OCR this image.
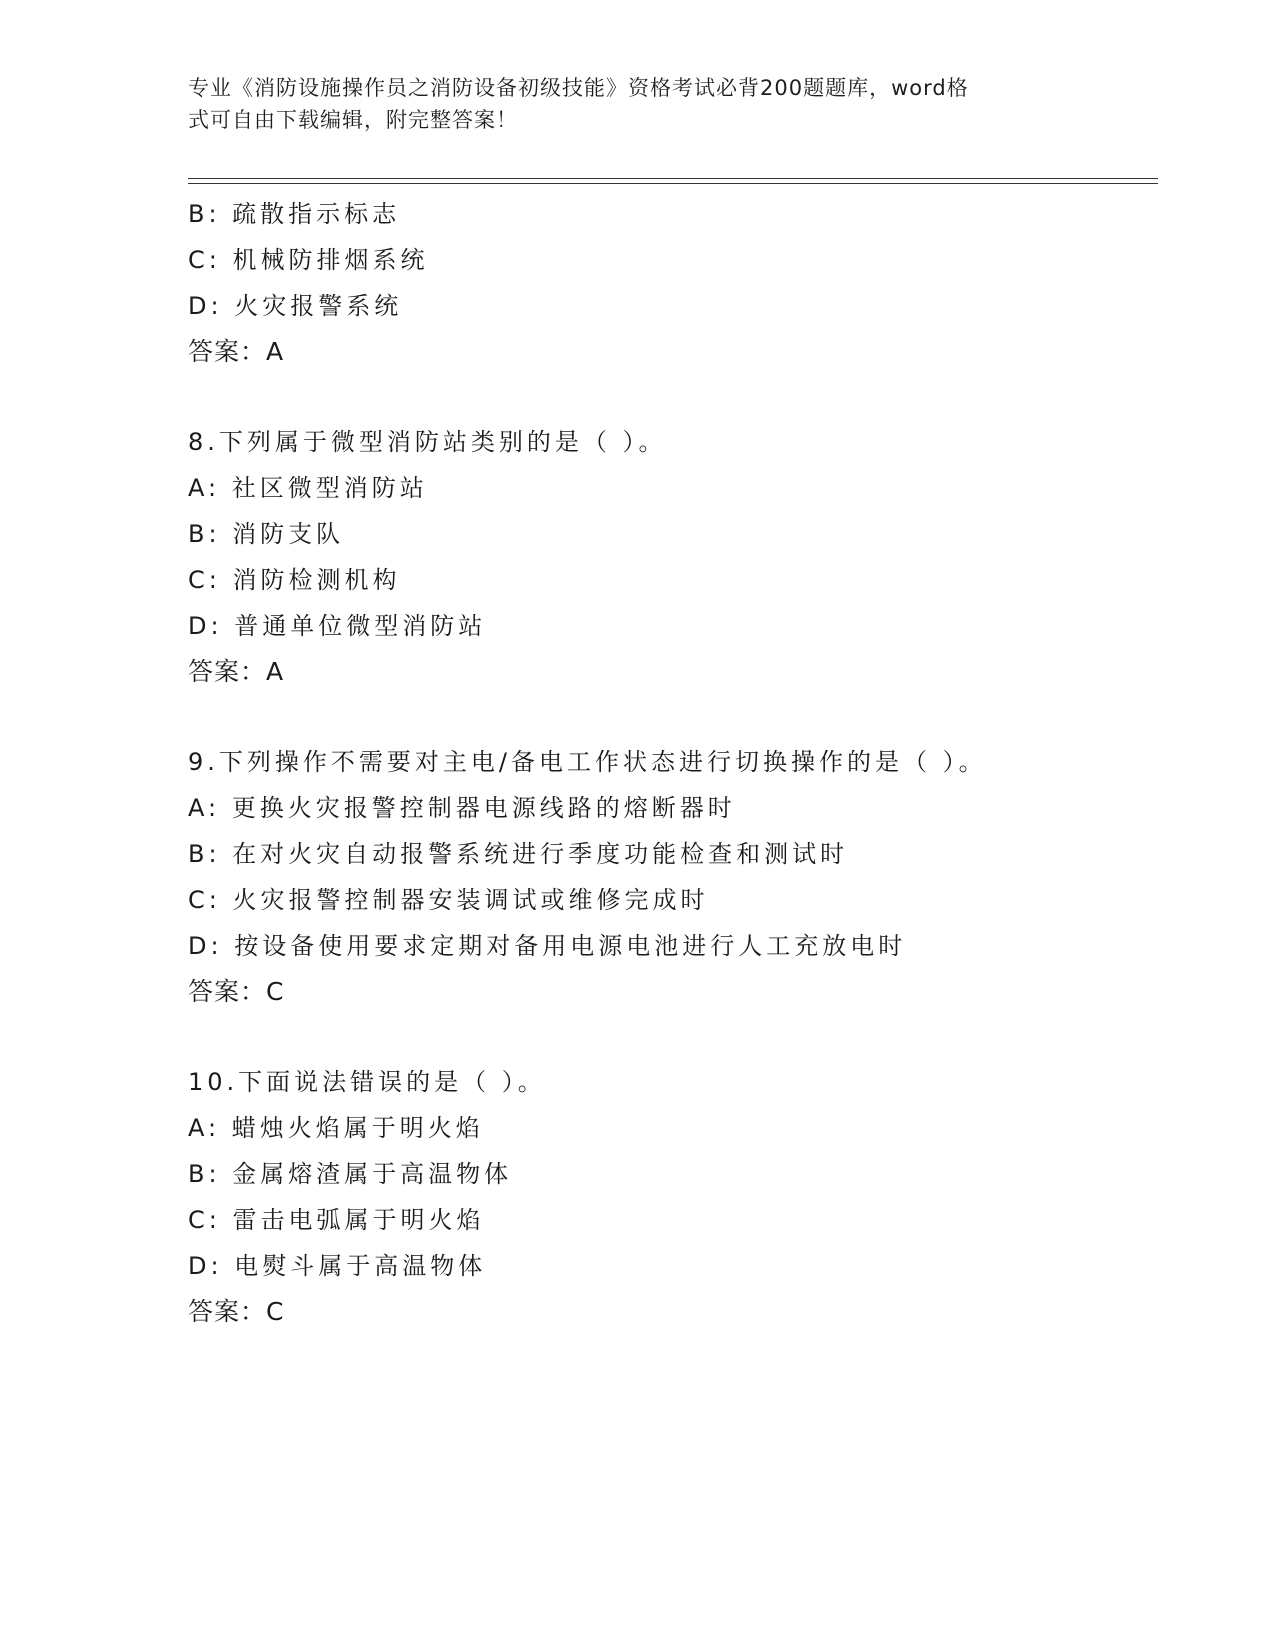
专业《消防设施操作员之消防设备初级技能》资格考试必背200题题库，word格
式可自由下载编辑，附完整答案！
B: 疏散指示标志
C: 机械防排烟系统
D: 火灾报警系统
答案：A
8.下列属于微型消防站类别的是（ ）。
A: 社区微型消防站
B: 消防支队
C: 消防检测机构
D: 普通单位微型消防站
答案：A
9.下列操作不需要对主电/备电工作状态进行切换操作的是（ ）。
A: 更换火灾报警控制器电源线路的熔断器时
B: 在对火灾自动报警系统进行季度功能检查和测试时
C: 火灾报警控制器安装调试或维修完成时
D: 按设备使用要求定期对备用电源电池进行人工充放电时
答案：C
10.下面说法错误的是（ ）。
A: 蜡烛火焰属于明火焰
B: 金属熔渣属于高温物体
C: 雷击电弧属于明火焰
D: 电熨斗属于高温物体
答案：C
